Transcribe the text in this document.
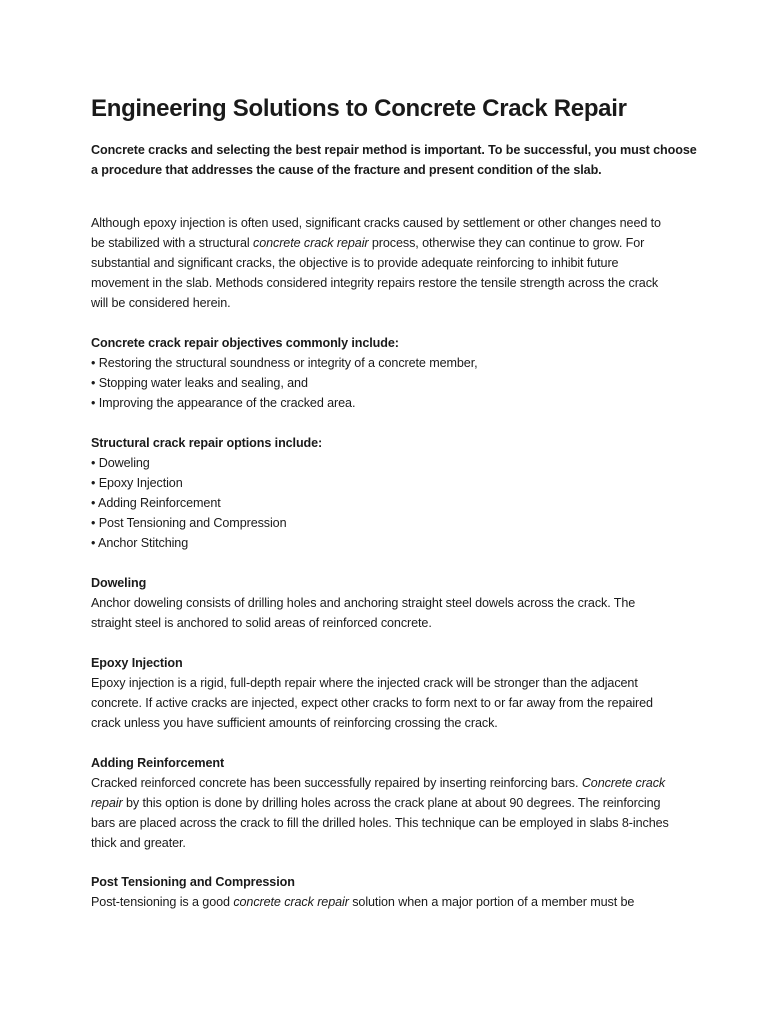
Engineering Solutions to Concrete Crack Repair
Concrete cracks and selecting the best repair method is important. To be successful, you must choose
a procedure that addresses the cause of the fracture and present condition of the slab.
Although epoxy injection is often used, significant cracks caused by settlement or other changes need to
be stabilized with a structural concrete crack repair process, otherwise they can continue to grow. For
substantial and significant cracks, the objective is to provide adequate reinforcing to inhibit future
movement in the slab. Methods considered integrity repairs restore the tensile strength across the crack
will be considered herein.
Concrete crack repair objectives commonly include:
• Restoring the structural soundness or integrity of a concrete member,
• Stopping water leaks and sealing, and
• Improving the appearance of the cracked area.
Structural crack repair options include:
• Doweling
• Epoxy Injection
• Adding Reinforcement
• Post Tensioning and Compression
• Anchor Stitching
Doweling
Anchor doweling consists of drilling holes and anchoring straight steel dowels across the crack. The
straight steel is anchored to solid areas of reinforced concrete.
Epoxy Injection
Epoxy injection is a rigid, full-depth repair where the injected crack will be stronger than the adjacent
concrete. If active cracks are injected, expect other cracks to form next to or far away from the repaired
crack unless you have sufficient amounts of reinforcing crossing the crack.
Adding Reinforcement
Cracked reinforced concrete has been successfully repaired by inserting reinforcing bars. Concrete crack
repair by this option is done by drilling holes across the crack plane at about 90 degrees. The reinforcing
bars are placed across the crack to fill the drilled holes. This technique can be employed in slabs 8-inches
thick and greater.
Post Tensioning and Compression
Post-tensioning is a good concrete crack repair solution when a major portion of a member must be
